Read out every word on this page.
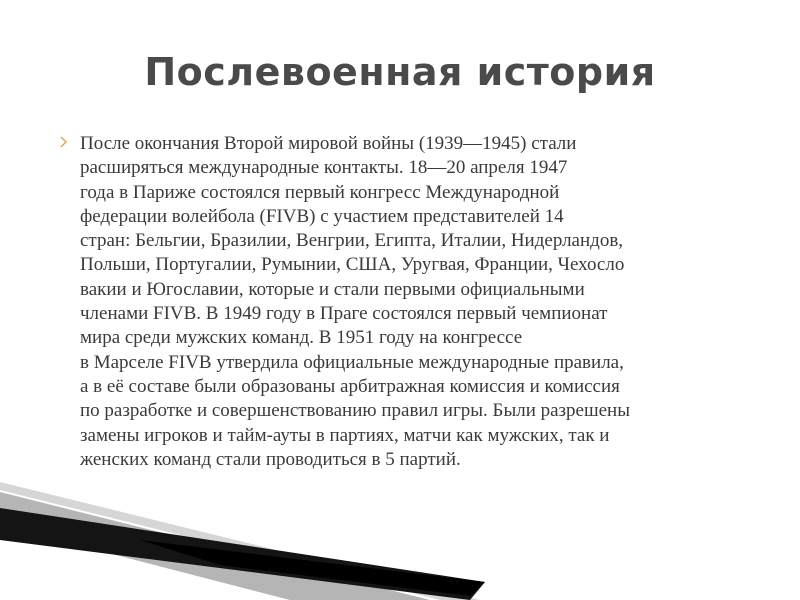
Послевоенная история

После окончания Второй мировой войны (1939—1945) стали
расширяться международные контакты. 18—20 апреля 1947
года в Париже состоялся первый конгресс Международной
федерации волейбола (FIVB) с участием представителей 14
стран: Бельгии, Бразилии, Венгрии, Египта, Италии, Нидерландов,
Польши, Португалии, Румынии, США, Уругвая, Франции, Чехосло
вакии и Югославии, которые и стали первыми официальными
членами FIVB. В 1949 году в Праге состоялся первый чемпионат
мира среди мужских команд. В 1951 году на конгрессе
в Марселе FIVB утвердила официальные международные правила,
а в её составе были образованы арбитражная комиссия и комиссия
по разработке и совершенствованию правил игры. Были разрешены
замены игроков и тайм-ауты в партиях, матчи как мужских, так и
женских команд стали проводиться в 5 партий.
